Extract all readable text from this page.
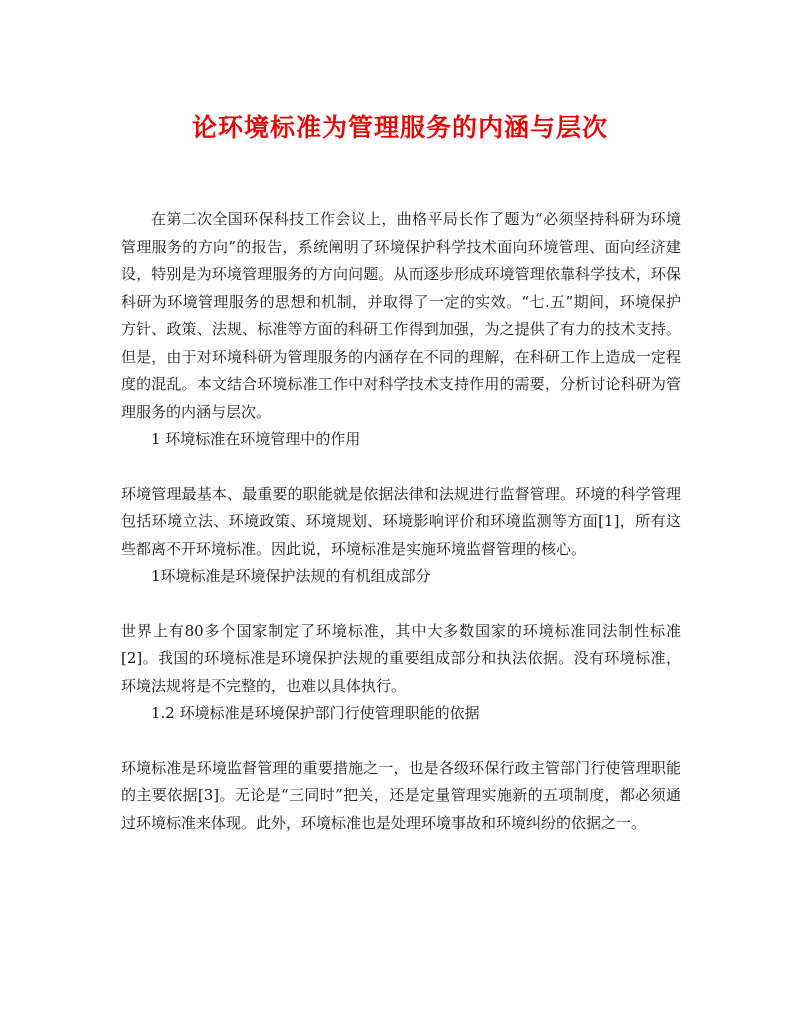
论环境标准为管理服务的内涵与层次

在第二次全国环保科技工作会议上，曲格平局长作了题为“必须坚持科研为环境管理服务的方向”的报告，系统阐明了环境保护科学技术面向环境管理、面向经济建设，特别是为环境管理服务的方向问题。从而逐步形成环境管理依靠科学技术，环保科研为环境管理服务的思想和机制，并取得了一定的实效。“七.五”期间，环境保护方针、政策、法规、标准等方面的科研工作得到加强，为之提供了有力的技术支持。但是，由于对环境科研为管理服务的内涵存在不同的理解，在科研工作上造成一定程度的混乱。本文结合环境标准工作中对科学技术支持作用的需要，分析讨论科研为管理服务的内涵与层次。

1 环境标准在环境管理中的作用

环境管理最基本、最重要的职能就是依据法律和法规进行监督管理。环境的科学管理包括环境立法、环境政策、环境规划、环境影响评价和环境监测等方面[1]，所有这些都离不开环境标准。因此说，环境标准是实施环境监督管理的核心。

1环境标准是环境保护法规的有机组成部分

世界上有80多个国家制定了环境标准，其中大多数国家的环境标准同法制性标准[2]。我国的环境标准是环境保护法规的重要组成部分和执法依据。没有环境标准，环境法规将是不完整的，也难以具体执行。

1.2 环境标准是环境保护部门行使管理职能的依据

环境标准是环境监督管理的重要措施之一，也是各级环保行政主管部门行使管理职能的主要依据[3]。无论是“三同时”把关，还是定量管理实施新的五项制度，都必须通过环境标准来体现。此外，环境标准也是处理环境事故和环境纠纷的依据之一。
